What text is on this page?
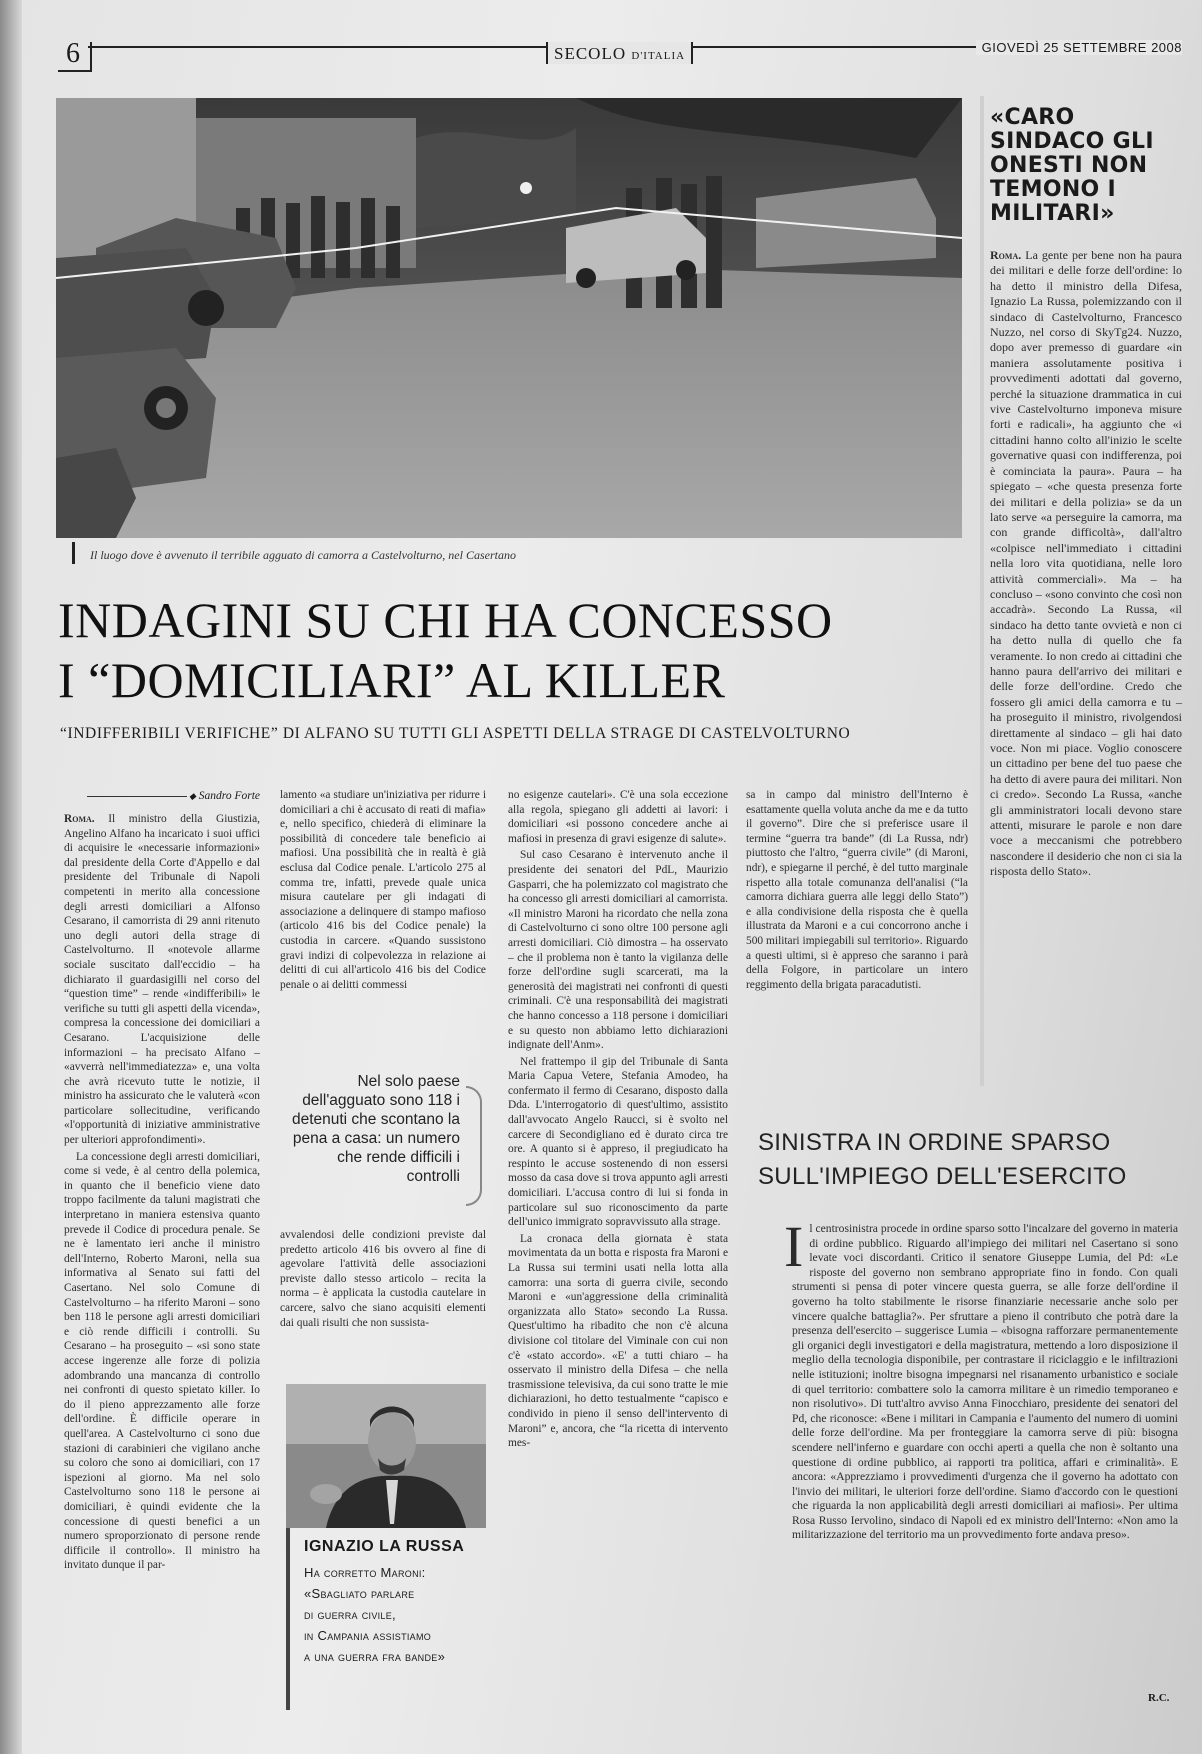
6	SECOLO D'ITALIA
GIOVEDÌ 25 SETTEMBRE 2008
Il luogo dove è avvenuto il terribile agguato di camorra a Castelvolturno, nel Casertano
INDAGINI SU CHI HA CONCESSO
I “DOMICILIARI” AL KILLER
“INDIFFERIBILI VERIFICHE” DI ALFANO SU TUTTI GLI ASPETTI DELLA STRAGE DI CASTELVOLTURNO
◆ Sandro Forte

Roma. Il ministro della Giustizia, Angelino Alfano ha incaricato i suoi uffici di acquisire le «necessarie informazioni» dal presidente della Corte d'Appello e dal presidente del Tribunale di Napoli competenti in merito alla concessione degli arresti domiciliari a Alfonso Cesarano, il camorrista di 29 anni ritenuto uno degli autori della strage di Castelvolturno. Il «notevole allarme sociale suscitato dall'eccidio – ha dichiarato il guardasigilli nel corso del “question time” – rende «indifferibili» le verifiche su tutti gli aspetti della vicenda», compresa la concessione dei domiciliari a Cesarano. L'acquisizione delle informazioni – ha precisato Alfano – «avverrà nell'immediatezza» e, una volta che avrà ricevuto tutte le notizie, il ministro ha assicurato che le valuterà «con particolare sollecitudine, verificando «l'opportunità di iniziative amministrative per ulteriori approfondimenti».

La concessione degli arresti domiciliari, come si vede, è al centro della polemica, in quanto che il beneficio viene dato troppo facilmente da taluni magistrati che interpretano in maniera estensiva quanto prevede il Codice di procedura penale. Se ne è lamentato ieri anche il ministro dell'Interno, Roberto Maroni, nella sua informativa al Senato sui fatti del Casertano. Nel solo Comune di Castelvolturno – ha riferito Maroni – sono ben 118 le persone agli arresti domiciliari e ciò rende difficili i controlli. Su Cesarano – ha proseguito – «si sono state accese ingerenze alle forze di polizia adombrando una mancanza di controllo nei confronti di questo spietato killer. Io do il pieno apprezzamento alle forze dell'ordine. È difficile operare in quell'area. A Castelvolturno ci sono due stazioni di carabinieri che vigilano anche su coloro che sono ai domiciliari, con 17 ispezioni al giorno. Ma nel solo Castelvolturno sono 118 le persone ai domiciliari, è quindi evidente che la concessione di questi benefici a un numero sproporzionato di persone rende difficile il controllo». Il ministro ha invitato dunque il par-

lamento «a studiare un'iniziativa per ridurre i domiciliari a chi è accusato di reati di mafia» e, nello specifico, chiederà di eliminare la possibilità di concedere tale beneficio ai mafiosi. Una possibilità che in realtà è già esclusa dal Codice penale. L'articolo 275 al comma tre, infatti, prevede quale unica misura cautelare per gli indagati di associazione a delinquere di stampo mafioso (articolo 416 bis del Codice penale) la custodia in carcere. «Quando sussistono gravi indizi di colpevolezza in relazione ai delitti di cui all'articolo 416 bis del Codice penale o ai delitti commessi

Nel solo paese dell'agguato sono 118 i detenuti che scontano la pena a casa: un numero che rende difficili i controlli

avvalendosi delle condizioni previste dal predetto articolo 416 bis ovvero al fine di agevolare l'attività delle associazioni previste dallo stesso articolo – recita la norma – è applicata la custodia cautelare in carcere, salvo che siano acquisiti elementi dai quali risulti che non sussista-

IGNAZIO LA RUSSA
Ha corretto Maroni:
«Sbagliato parlare
di guerra civile,
in Campania assistiamo
a una guerra fra bande»

no esigenze cautelari». C'è una sola eccezione alla regola, spiegano gli addetti ai lavori: i domiciliari «si possono concedere anche ai mafiosi in presenza di gravi esigenze di salute».

Sul caso Cesarano è intervenuto anche il presidente dei senatori del PdL, Maurizio Gasparri, che ha polemizzato col magistrato che ha concesso gli arresti domiciliari al camorrista. «Il ministro Maroni ha ricordato che nella zona di Castelvolturno ci sono oltre 100 persone agli arresti domiciliari. Ciò dimostra – ha osservato – che il problema non è tanto la vigilanza delle forze dell'ordine sugli scarcerati, ma la generosità dei magistrati nei confronti di questi criminali. C'è una responsabilità dei magistrati che hanno concesso a 118 persone i domiciliari e su questo non abbiamo letto dichiarazioni indignate dell'Anm».

Nel frattempo il gip del Tribunale di Santa Maria Capua Vetere, Stefania Amodeo, ha confermato il fermo di Cesarano, disposto dalla Dda. L'interrogatorio di quest'ultimo, assistito dall'avvocato Angelo Raucci, si è svolto nel carcere di Secondigliano ed è durato circa tre ore. A quanto si è appreso, il pregiudicato ha respinto le accuse sostenendo di non essersi mosso da casa dove si trova appunto agli arresti domiciliari. L'accusa contro di lui si fonda in particolare sul suo riconoscimento da parte dell'unico immigrato sopravvissuto alla strage.

La cronaca della giornata è stata movimentata da un botta e risposta fra Maroni e La Russa sui termini usati nella lotta alla camorra: una sorta di guerra civile, secondo Maroni e «un'aggressione della criminalità organizzata allo Stato» secondo La Russa. Quest'ultimo ha ribadito che non c'è alcuna divisione col titolare del Viminale con cui non c'è «stato accordo». «E' a tutti chiaro – ha osservato il ministro della Difesa – che nella trasmissione televisiva, da cui sono tratte le mie dichiarazioni, ho detto testualmente “capisco e condivido in pieno il senso dell'intervento di Maroni” e, ancora, che “la ricetta di intervento mes-

sa in campo dal ministro dell'Interno è esattamente quella voluta anche da me e da tutto il governo”. Dire che si preferisce usare il termine “guerra tra bande” (di La Russa, ndr) piuttosto che l'altro, “guerra civile” (di Maroni, ndr), e spiegarne il perché, è del tutto marginale rispetto alla totale comunanza dell'analisi (“la camorra dichiara guerra alle leggi dello Stato”) e alla condivisione della risposta che è quella illustrata da Maroni e a cui concorrono anche i 500 militari impiegabili sul territorio». Riguardo a questi ultimi, si è appreso che saranno i parà della Folgore, in particolare un intero reggimento della brigata paracadutisti.

«CARO SINDACO GLI ONESTI NON TEMONO I MILITARI»
Roma. La gente per bene non ha paura dei militari e delle forze dell'ordine: lo ha detto il ministro della Difesa, Ignazio La Russa, polemizzando con il sindaco di Castelvolturno, Francesco Nuzzo, nel corso di SkyTg24. Nuzzo, dopo aver premesso di guardare «in maniera assolutamente positiva i provvedimenti adottati dal governo, perché la situazione drammatica in cui vive Castelvolturno imponeva misure forti e radicali», ha aggiunto che «i cittadini hanno colto all'inizio le scelte governative quasi con indifferenza, poi è cominciata la paura». Paura – ha spiegato – «che questa presenza forte dei militari e della polizia» se da un lato serve «a perseguire la camorra, ma con grande difficoltà», dall'altro «colpisce nell'immediato i cittadini nella loro vita quotidiana, nelle loro attività commerciali». Ma – ha concluso – «sono convinto che così non accadrà». Secondo La Russa, «il sindaco ha detto tante ovvietà e non ci ha detto nulla di quello che fa veramente. Io non credo ai cittadini che hanno paura dell'arrivo dei militari e delle forze dell'ordine. Credo che fossero gli amici della camorra e tu – ha proseguito il ministro, rivolgendosi direttamente al sindaco – gli hai dato voce. Non mi piace. Voglio conoscere un cittadino per bene del tuo paese che ha detto di avere paura dei militari. Non ci credo». Secondo La Russa, «anche gli amministratori locali devono stare attenti, misurare le parole e non dare voce a meccanismi che potrebbero nascondere il desiderio che non ci sia la risposta dello Stato».
SINISTRA IN ORDINE SPARSO
SULL'IMPIEGO DELL'ESERCITO
I l centrosinistra procede in ordine sparso sotto l'incalzare del governo in materia di ordine pubblico. Riguardo all'impiego dei militari nel Casertano si sono levate voci discordanti. Critico il senatore Giuseppe Lumia, del Pd: «Le risposte del governo non sembrano appropriate fino in fondo. Con quali strumenti si pensa di poter vincere questa guerra, se alle forze dell'ordine il governo ha tolto stabilmente le risorse finanziarie necessarie anche solo per vincere qualche battaglia?». Per sfruttare a pieno il contributo che potrà dare la presenza dell'esercito – suggerisce Lumia – «bisogna rafforzare permanentemente gli organici degli investigatori e della magistratura, mettendo a loro disposizione il meglio della tecnologia disponibile, per contrastare il riciclaggio e le infiltrazioni nelle istituzioni; inoltre bisogna impegnarsi nel risanamento urbanistico e sociale di quel territorio: combattere solo la camorra militare è un rimedio temporaneo e non risolutivo». Di tutt'altro avviso Anna Finocchiaro, presidente dei senatori del Pd, che riconosce: «Bene i militari in Campania e l'aumento del numero di uomini delle forze dell'ordine. Ma per fronteggiare la camorra serve di più: bisogna scendere nell'inferno e guardare con occhi aperti a quella che non è soltanto una questione di ordine pubblico, ai rapporti tra politica, affari e criminalità». E ancora: «Apprezziamo i provvedimenti d'urgenza che il governo ha adottato con l'invio dei militari, le ulteriori forze dell'ordine. Siamo d'accordo con le questioni che riguarda la non applicabilità degli arresti domiciliari ai mafiosi». Per ultima Rosa Russo Iervolino, sindaco di Napoli ed ex ministro dell'Interno: «Non amo la militarizzazione del territorio ma un provvedimento forte andava preso».
R.C.
